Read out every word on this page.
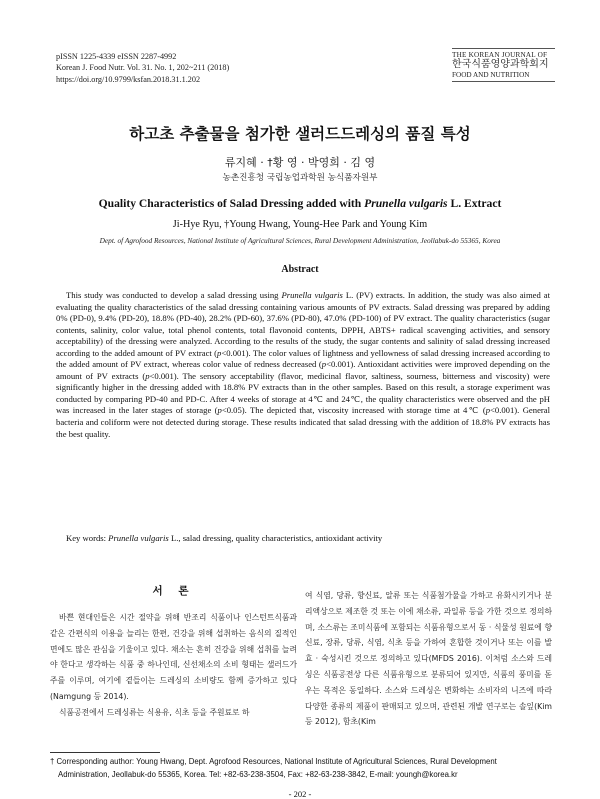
pISSN 1225-4339 eISSN 2287-4992
Korean J. Food Nutr. Vol. 31. No. 1, 202~211 (2018)
https://doi.org/10.9799/ksfan.2018.31.1.202
THE KOREAN JOURNAL OF
한국식품영양과학회지
FOOD AND NUTRITION
하고초 추출물을 첨가한 샐러드드레싱의 품질 특성
류지혜 · †황 영 · 박영희 · 김 영
농촌진흥청 국립농업과학원 농식품자원부
Quality Characteristics of Salad Dressing added with Prunella vulgaris L. Extract
Ji-Hye Ryu, †Young Hwang, Young-Hee Park and Young Kim
Dept. of Agrofood Resources, National Institute of Agricultural Sciences, Rural Development Administration, Jeollabuk-do 55365, Korea
Abstract

This study was conducted to develop a salad dressing using Prunella vulgaris L. (PV) extracts. In addition, the study was also aimed at evaluating the quality characteristics of the salad dressing containing various amounts of PV extracts. Salad dressing was prepared by adding 0% (PD-0), 9.4% (PD-20), 18.8% (PD-40), 28.2% (PD-60), 37.6% (PD-80), 47.0% (PD-100) of PV extract. The quality characteristics (sugar contents, salinity, color value, total phenol contents, total flavonoid contents, DPPH, ABTS+ radical scavenging activities, and sensory acceptability) of the dressing were analyzed. According to the results of the study, the sugar contents and salinity of salad dressing increased according to the added amount of PV extract (p<0.001). The color values of lightness and yellowness of salad dressing increased according to the added amount of PV extract, whereas color value of redness decreased (p<0.001). Antioxidant activities were improved depending on the amount of PV extracts (p<0.001). The sensory acceptability (flavor, medicinal flavor, saltiness, sourness, bitterness and viscosity) were significantly higher in the dressing added with 18.8% PV extracts than in the other samples. Based on this result, a storage experiment was conducted by comparing PD-40 and PD-C. After 4 weeks of storage at 4℃ and 24℃, the quality characteristics were observed and the pH was increased in the later stages of storage (p<0.05). The depicted that, viscosity increased with storage time at 4℃ (p<0.001). General bacteria and coliform were not detected during storage. These results indicated that salad dressing with the addition of 18.8% PV extracts has the best quality.

Key words: Prunella vulgaris L., salad dressing, quality characteristics, antioxidant activity

서 론

바쁜 현대인들은 시간 절약을 위해 반조리 식품이나 인스턴트식품과 같은 간편식의 이용을 늘리는 한편, 건강을 위해 섭취하는 음식의 질적인 면에도 많은 관심을 기울이고 있다. 채소는 흔히 건강을 위해 섭취를 늘려야 한다고 생각하는 식품 중 하나인데, 신선채소의 소비 형태는 샐러드가 주를 이루며, 여기에 곁들이는 드레싱의 소비량도 함께 증가하고 있다(Namgung 등 2014).

식품공전에서 드레싱류는 식용유, 식초 등을 주원료로 하

여 식염, 당류, 향신료, 알류 또는 식품첨가물을 가하고 유화시키거나 분리액상으로 제조한 것 또는 이에 채소류, 과일류 등을 가한 것으로 정의하며, 소스류는 조미식품에 포함되는 식품유형으로서 동 · 식물성 원료에 향신료, 장류, 당류, 식염, 식초 등을 가하여 혼합한 것이거나 또는 이를 발효 · 숙성시킨 것으로 정의하고 있다(MFDS 2016). 이처럼 소스와 드레싱은 식품공전상 다른 식품유형으로 분류되어 있지만, 식품의 풍미를 돋우는 목적은 동일하다. 소스와 드레싱은 변화하는 소비자의 니즈에 따라 다양한 종류의 제품이 판매되고 있으며, 관련된 개발 연구로는 솔잎(Kim 등 2012), 함초(Kim

† Corresponding author: Young Hwang, Dept. Agrofood Resources, National Institute of Agricultural Sciences, Rural Development
Administration, Jeollabuk-do 55365, Korea. Tel: +82-63-238-3504, Fax: +82-63-238-3842, E-mail: youngh@korea.kr
- 202 -
